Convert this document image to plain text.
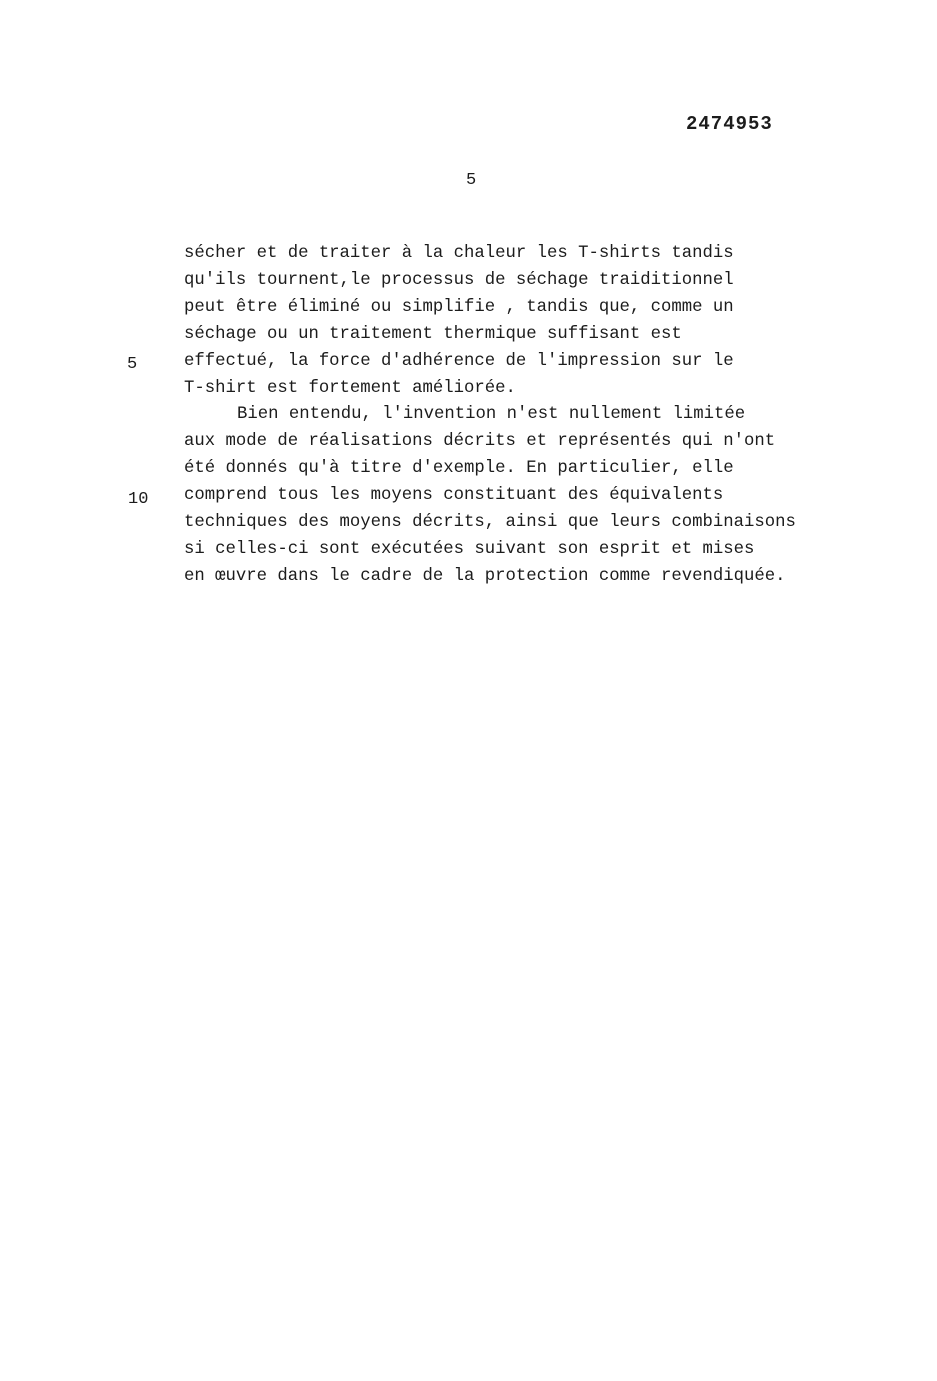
2474953
5
5
10
sécher et de traiter à la chaleur les T-shirts tandis
qu'ils tournent,le processus de séchage traiditionnel
peut être éliminé ou simplifie , tandis que, comme un
séchage ou un traitement thermique suffisant est
effectué, la force d'adhérence de l'impression sur le
T-shirt est fortement améliorée.
Bien entendu, l'invention n'est nullement limitée
aux mode de réalisations décrits et représentés qui n'ont
été donnés qu'à titre d'exemple. En particulier, elle
comprend tous les moyens constituant des équivalents
techniques des moyens décrits, ainsi que leurs combinaisons
si celles-ci sont exécutées suivant son esprit et mises
en œuvre dans le cadre de la protection comme revendiquée.
